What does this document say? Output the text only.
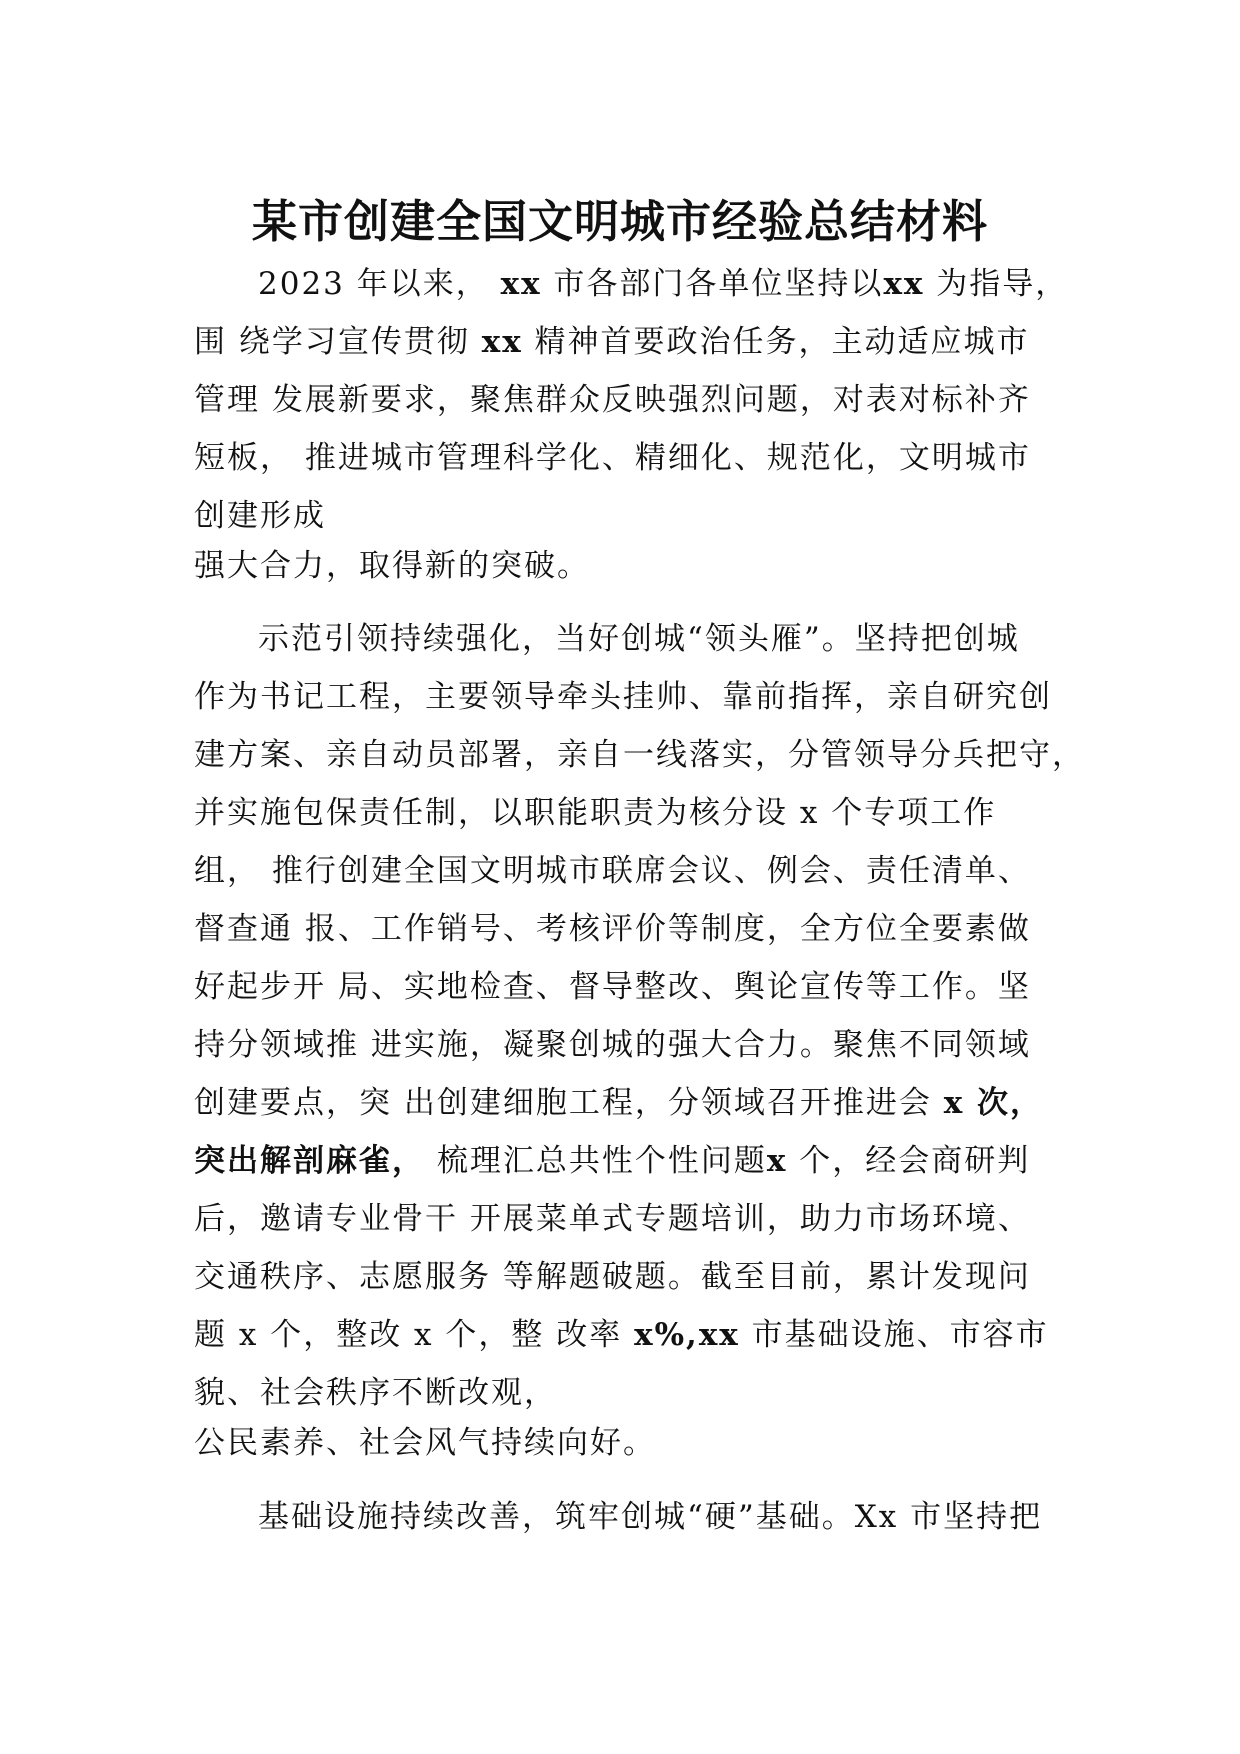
某市创建全国文明城市经验总结材料
2023 年以来， xx 市各部门各单位坚持以xx 为指导，
围 绕学习宣传贯彻 xx 精神首要政治任务，主动适应城市
管理 发展新要求，聚焦群众反映强烈问题，对表对标补齐
短板， 推进城市管理科学化、精细化、规范化，文明城市
创建形成
强大合力，取得新的突破。
示范引领持续强化，当好创城“领头雁”。坚持把创城
作为书记工程，主要领导牵头挂帅、靠前指挥，亲自研究创
建方案、亲自动员部署，亲自一线落实，分管领导分兵把守，
并实施包保责任制，以职能职责为核分设 x 个专项工作
组， 推行创建全国文明城市联席会议、例会、责任清单、
督查通 报、工作销号、考核评价等制度，全方位全要素做
好起步开 局、实地检查、督导整改、舆论宣传等工作。坚
持分领域推 进实施，凝聚创城的强大合力。聚焦不同领域
创建要点，突 出创建细胞工程，分领域召开推进会 x 次，
突出解剖麻雀， 梳理汇总共性个性问题x 个，经会商研判
后，邀请专业骨干 开展菜单式专题培训，助力市场环境、
交通秩序、志愿服务 等解题破题。截至目前，累计发现问
题 x 个，整改 x 个，整 改率 x%,xx 市基础设施、市容市
貌、社会秩序不断改观，
公民素养、社会风气持续向好。
基础设施持续改善，筑牢创城“硬”基础。Xx 市坚持把
